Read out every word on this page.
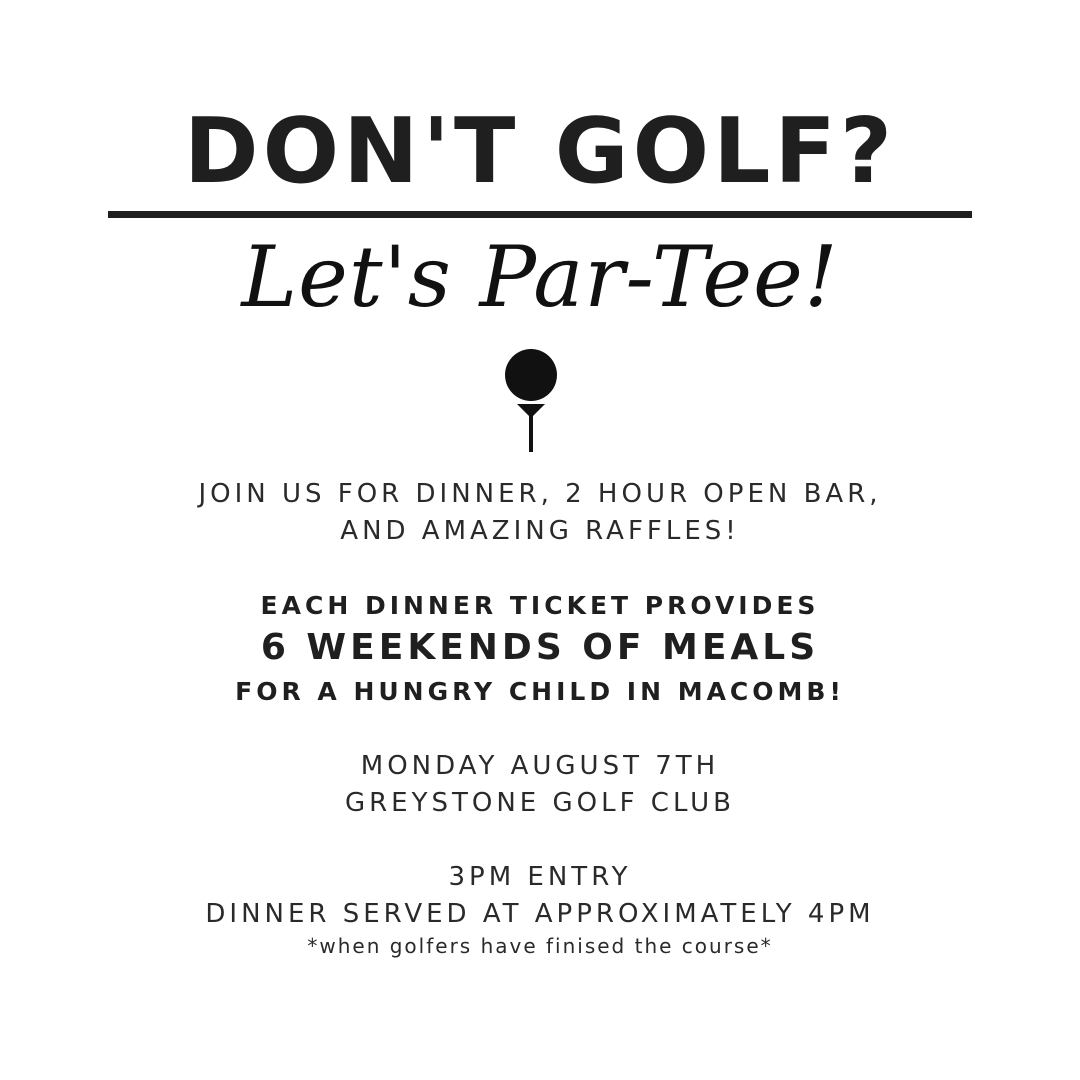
DON'T GOLF?
Let's Par-Tee!
JOIN US FOR DINNER, 2 HOUR OPEN BAR,
AND AMAZING RAFFLES!
EACH DINNER TICKET PROVIDES
6 WEEKENDS OF MEALS
FOR A HUNGRY CHILD IN MACOMB!
MONDAY AUGUST 7TH
GREYSTONE GOLF CLUB
3PM ENTRY
DINNER SERVED AT APPROXIMATELY 4PM
*when golfers have finised the course*
